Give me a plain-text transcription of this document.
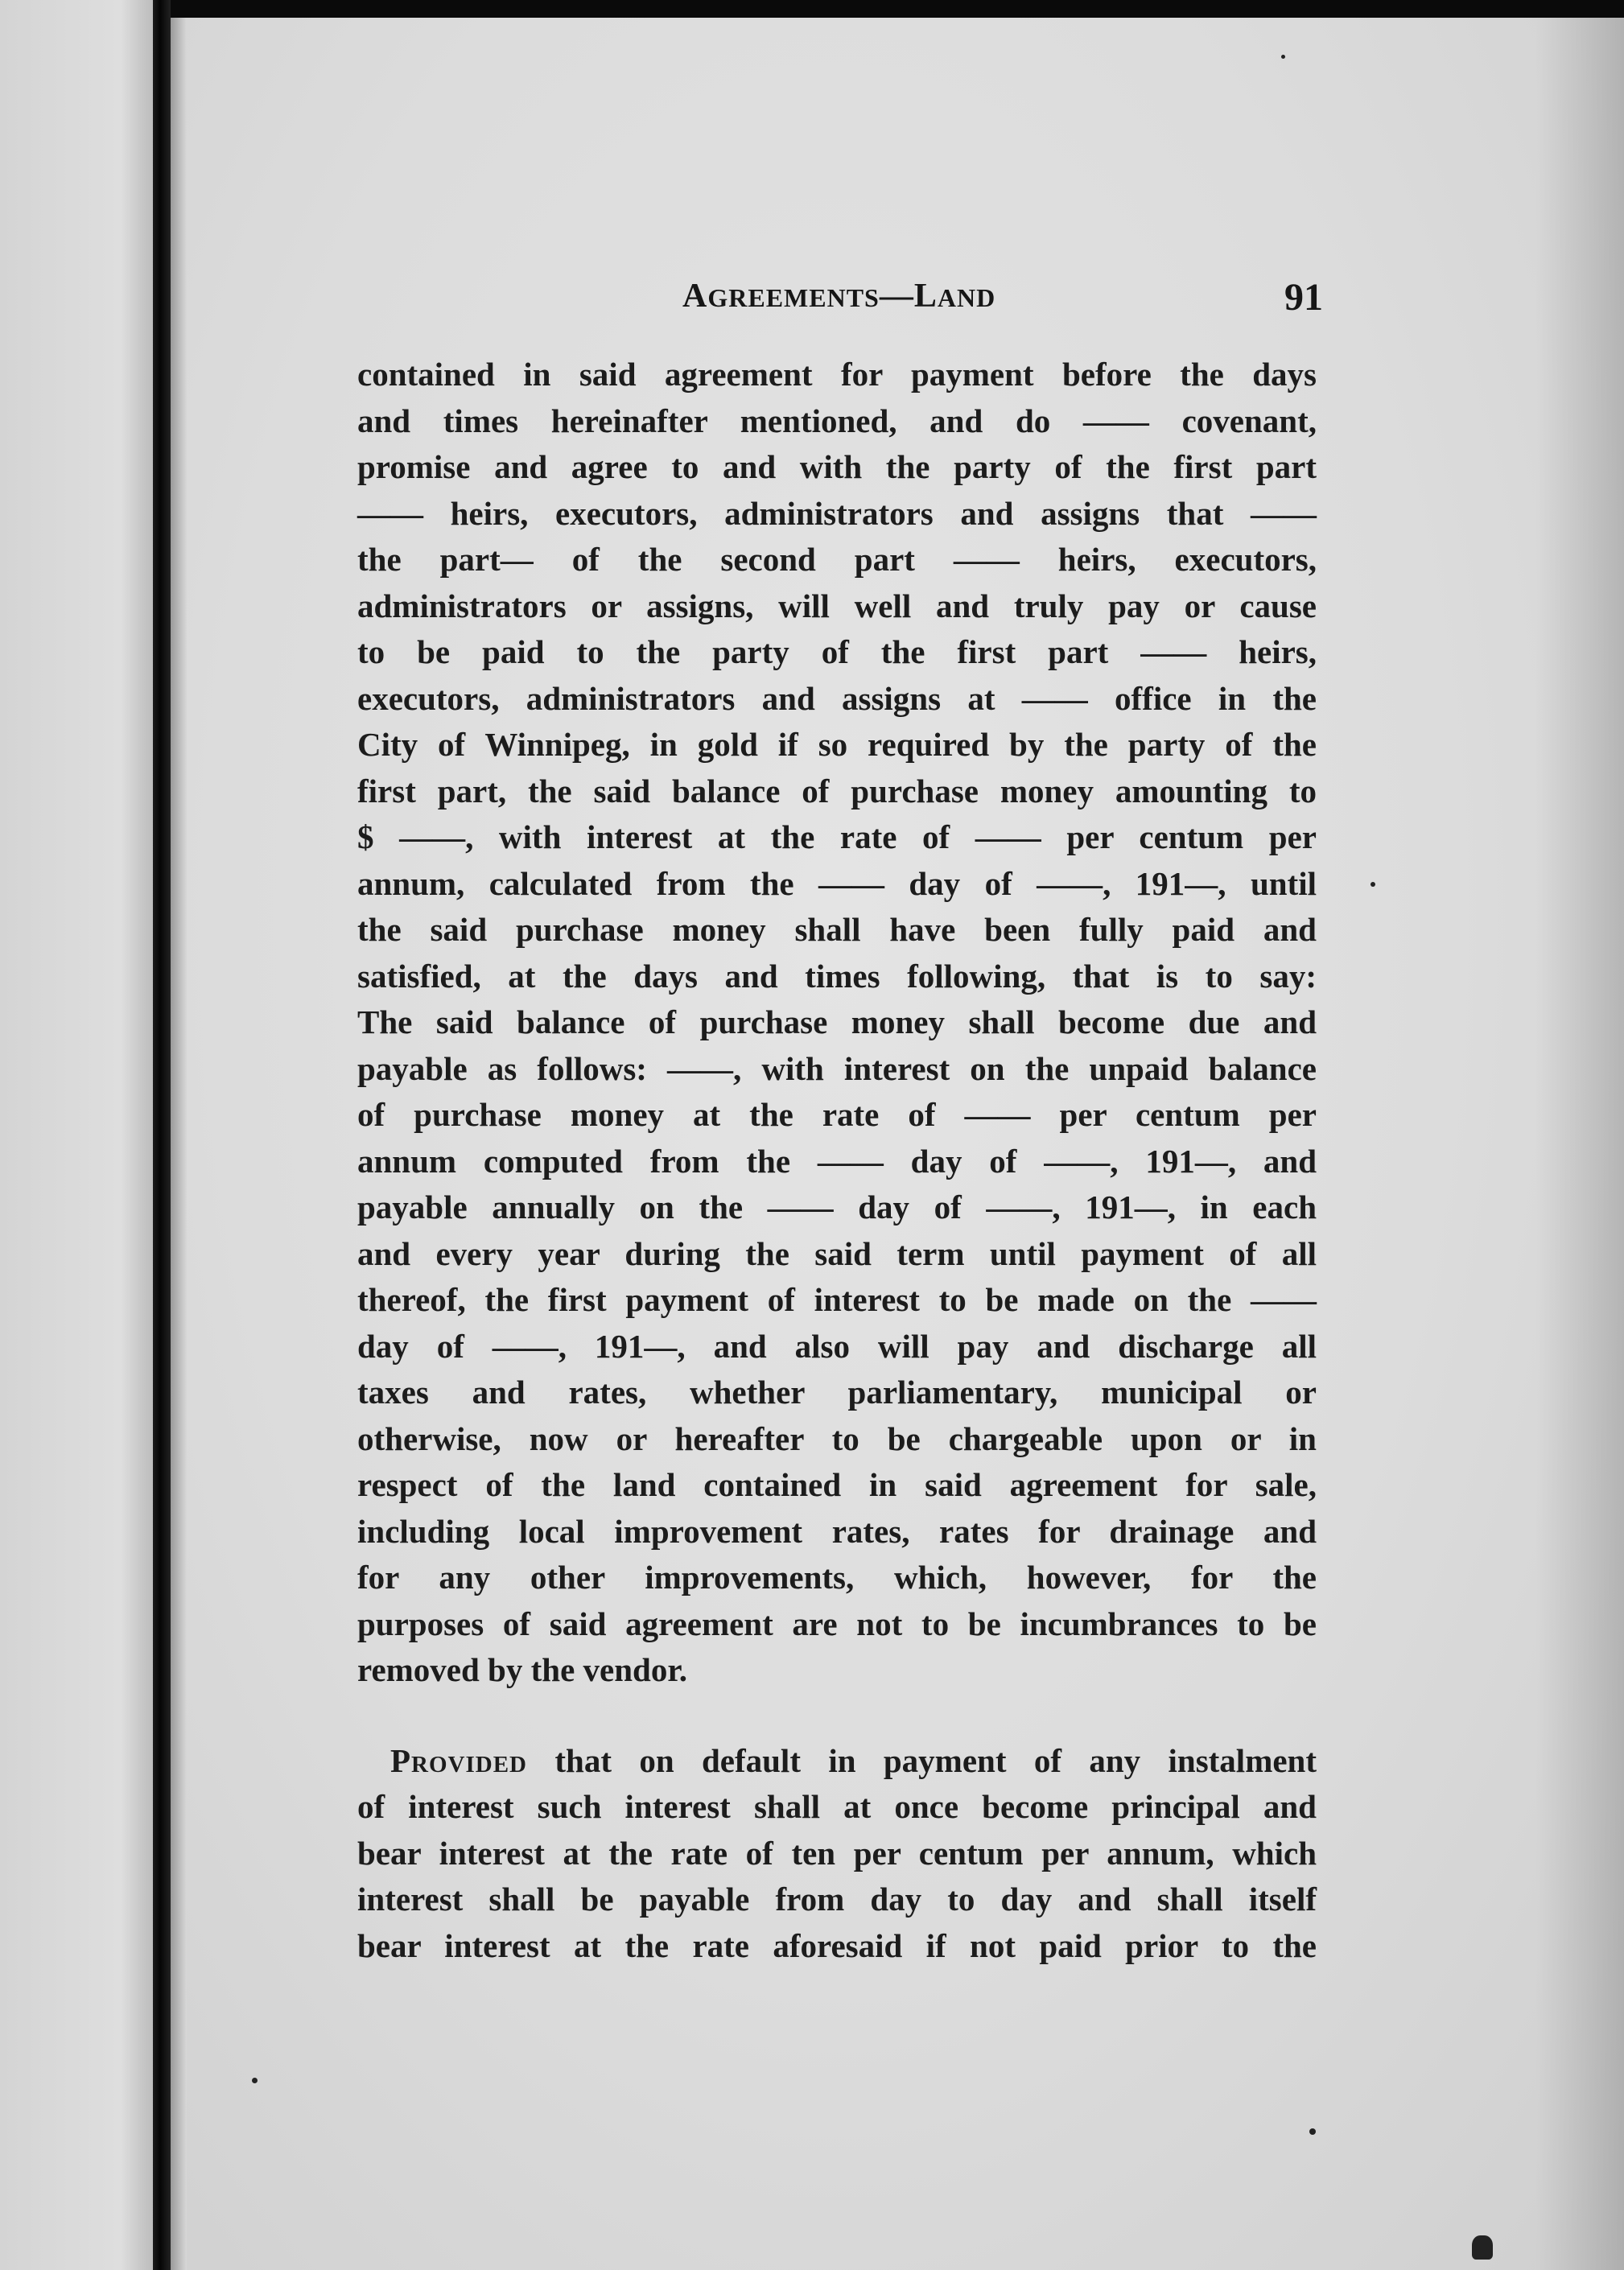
AGREEMENTS—LAND	91
contained in said agreement for payment before the days
and times hereinafter mentioned, and do —— covenant,
promise and agree to and with the party of the first part
—— heirs, executors, administrators and assigns that ——
the part— of the second part —— heirs, executors,
administrators or assigns, will well and truly pay or cause
to be paid to the party of the first part —— heirs,
executors, administrators and assigns at —— office in the
City of Winnipeg, in gold if so required by the party of the
first part, the said balance of purchase money amounting to
$ ——, with interest at the rate of —— per centum per
annum, calculated from the —— day of ——, 191—, until
the said purchase money shall have been fully paid and
satisfied, at the days and times following, that is to say:
The said balance of purchase money shall become due and
payable as follows: ——, with interest on the unpaid balance
of purchase money at the rate of —— per centum per
annum computed from the —— day of ——, 191—, and
payable annually on the —— day of ——, 191—, in each
and every year during the said term until payment of all
thereof, the first payment of interest to be made on the ——
day of ——, 191—, and also will pay and discharge all
taxes and rates, whether parliamentary, municipal or
otherwise, now or hereafter to be chargeable upon or in
respect of the land contained in said agreement for sale,
including local improvement rates, rates for drainage and
for any other improvements, which, however, for the
purposes of said agreement are not to be incumbrances to be
removed by the vendor.
 Provided that on default in payment of any instalment
of interest such interest shall at once become principal and
bear interest at the rate of ten per centum per annum, which
interest shall be payable from day to day and shall itself
bear interest at the rate aforesaid if not paid prior to the
